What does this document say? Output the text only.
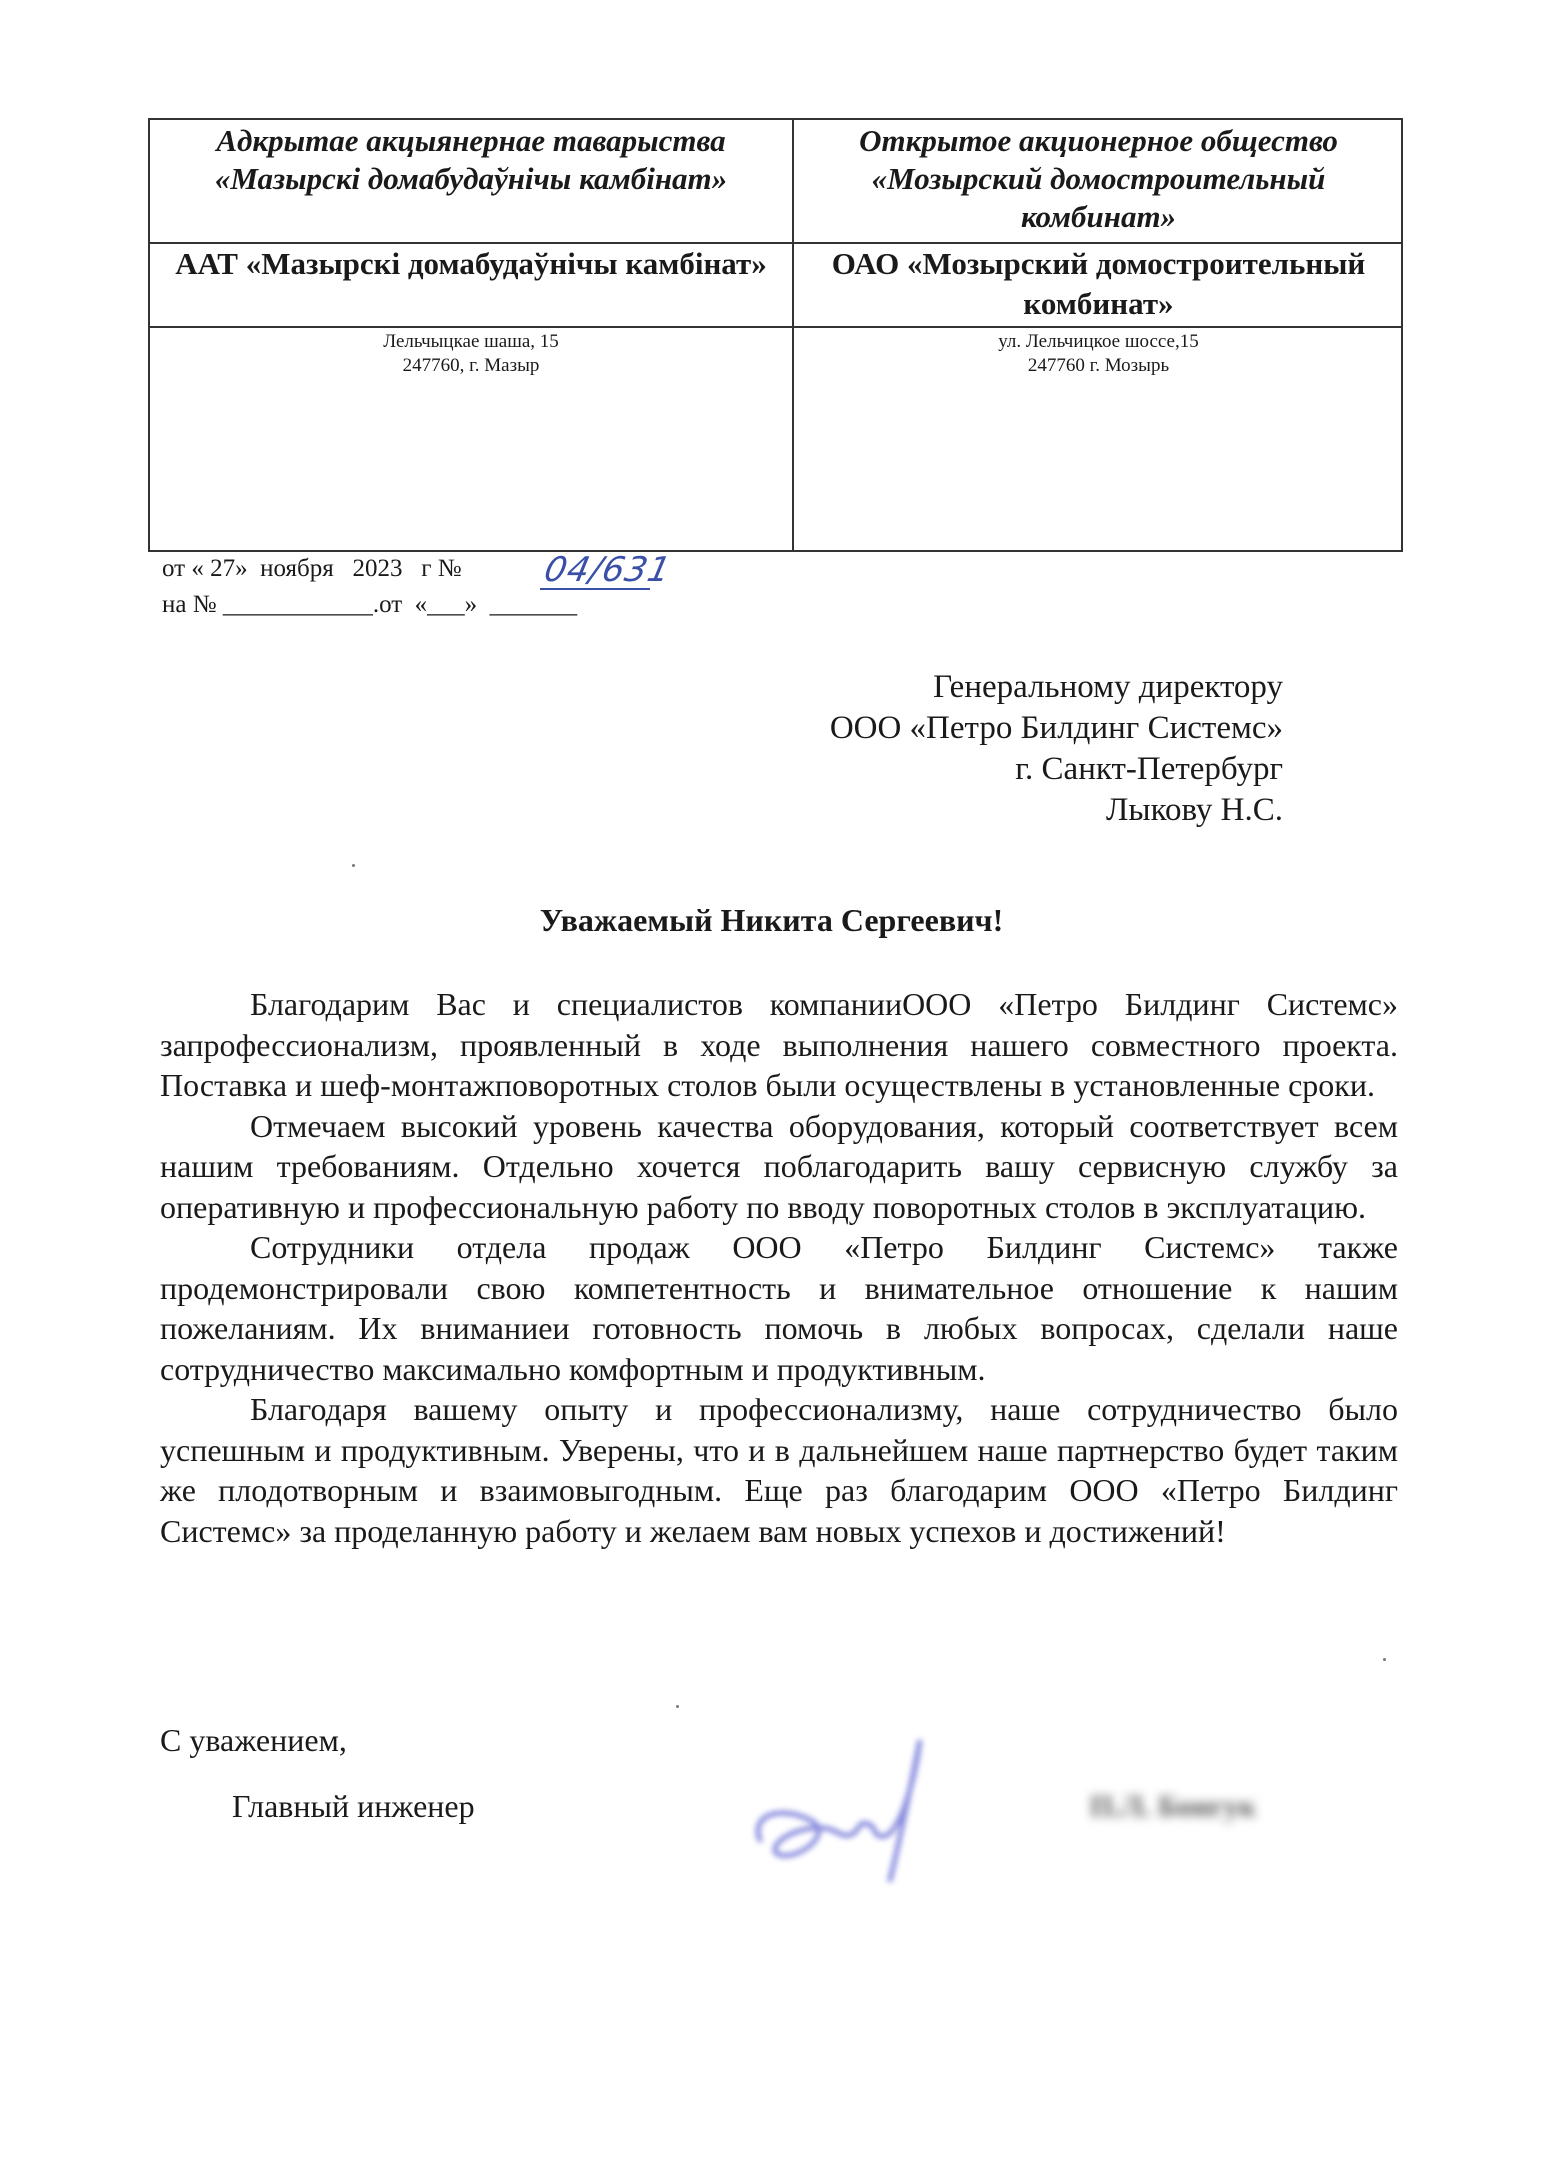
Адкрытае акцыянернае таварыства «Мазырскі домабудаўнічы камбінат»
Открытое акционерное общество «Мозырский домостроительный комбинат»
ААТ «Мазырскі домабудаўнічы камбінат»	ОАО «Мозырский домостроительный комбинат»
Лельчыцкае шаша, 15
247760, г. Мазыр
ул. Лельчицкое шоссе,15
247760 г. Мозырь
от « 27»  ноября   2023   г № 04/631
на № ____________.от  «___»  _______
Генеральному директору
ООО «Петро Билдинг Системс»
г. Санкт-Петербург
Лыкову Н.С.
Уважаемый Никита Сергеевич!

Благодарим Вас и специалистов компанииООО «Петро Билдинг Системс» запрофессионализм, проявленный в ходе выполнения нашего совместного проекта. Поставка и шеф-монтажповоротных столов были осуществлены в установленные сроки.

Отмечаем высокий уровень качества оборудования, который соответствует всем нашим требованиям. Отдельно хочется поблагодарить вашу сервисную службу за оперативную и профессиональную работу по вводу поворотных столов в эксплуатацию.

Сотрудники отдела продаж ООО «Петро Билдинг Системс» также продемонстрировали свою компетентность и внимательное отношение к нашим пожеланиям. Их вниманиеи готовность помочь в любых вопросах, сделали наше сотрудничество максимально комфортным и продуктивным.

Благодаря вашему опыту и профессионализму, наше сотрудничество было успешным и продуктивным. Уверены, что и в дальнейшем наше партнерство будет таким же плодотворным и взаимовыгодным. Еще раз благодарим ООО «Петро Билдинг Системс» за проделанную работу и желаем вам новых успехов и достижений!

С уважением,
Главный инженер	П.Л. Бонгук
